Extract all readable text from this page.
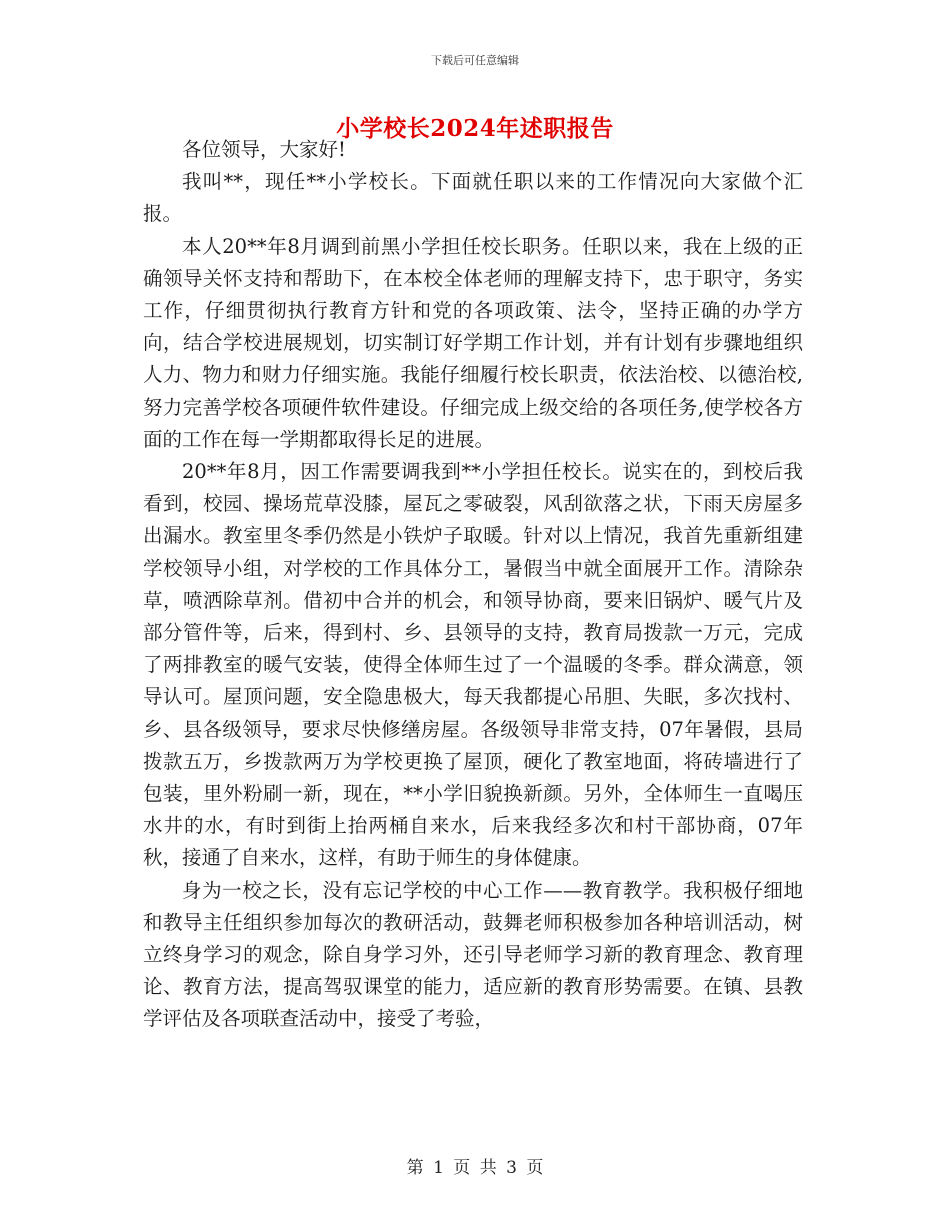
下载后可任意编辑
小学校长2024年述职报告

各位领导，大家好!

我叫**，现任**小学校长。下面就任职以来的工作情况向大家做个汇报。

本人20**年8月调到前黑小学担任校长职务。任职以来，我在上级的正确领导关怀支持和帮助下，在本校全体老师的理解支持下，忠于职守，务实工作，仔细贯彻执行教育方针和党的各项政策、法令，坚持正确的办学方向，结合学校进展规划，切实制订好学期工作计划，并有计划有步骤地组织人力、物力和财力仔细实施。我能仔细履行校长职责，依法治校、以德治校,努力完善学校各项硬件软件建设。仔细完成上级交给的各项任务,使学校各方面的工作在每一学期都取得长足的进展。

20**年8月，因工作需要调我到**小学担任校长。说实在的，到校后我看到，校园、操场荒草没膝，屋瓦之零破裂，风刮欲落之状，下雨天房屋多出漏水。教室里冬季仍然是小铁炉子取暖。针对以上情况，我首先重新组建学校领导小组，对学校的工作具体分工，暑假当中就全面展开工作。清除杂草，喷洒除草剂。借初中合并的机会，和领导协商，要来旧锅炉、暖气片及部分管件等，后来，得到村、乡、县领导的支持，教育局拨款一万元，完成了两排教室的暖气安装，使得全体师生过了一个温暖的冬季。群众满意，领导认可。屋顶问题，安全隐患极大，每天我都提心吊胆、失眠，多次找村、乡、县各级领导，要求尽快修缮房屋。各级领导非常支持，07年暑假，县局拨款五万，乡拨款两万为学校更换了屋顶，硬化了教室地面，将砖墙进行了包装，里外粉刷一新，现在，**小学旧貌换新颜。另外，全体师生一直喝压水井的水，有时到街上抬两桶自来水，后来我经多次和村干部协商，07年秋，接通了自来水，这样，有助于师生的身体健康。

身为一校之长，没有忘记学校的中心工作——教育教学。我积极仔细地和教导主任组织参加每次的教研活动，鼓舞老师积极参加各种培训活动，树立终身学习的观念，除自身学习外，还引导老师学习新的教育理念、教育理论、教育方法，提高驾驭课堂的能力，适应新的教育形势需要。在镇、县教学评估及各项联查活动中，接受了考验，

第 1 页 共 3 页
